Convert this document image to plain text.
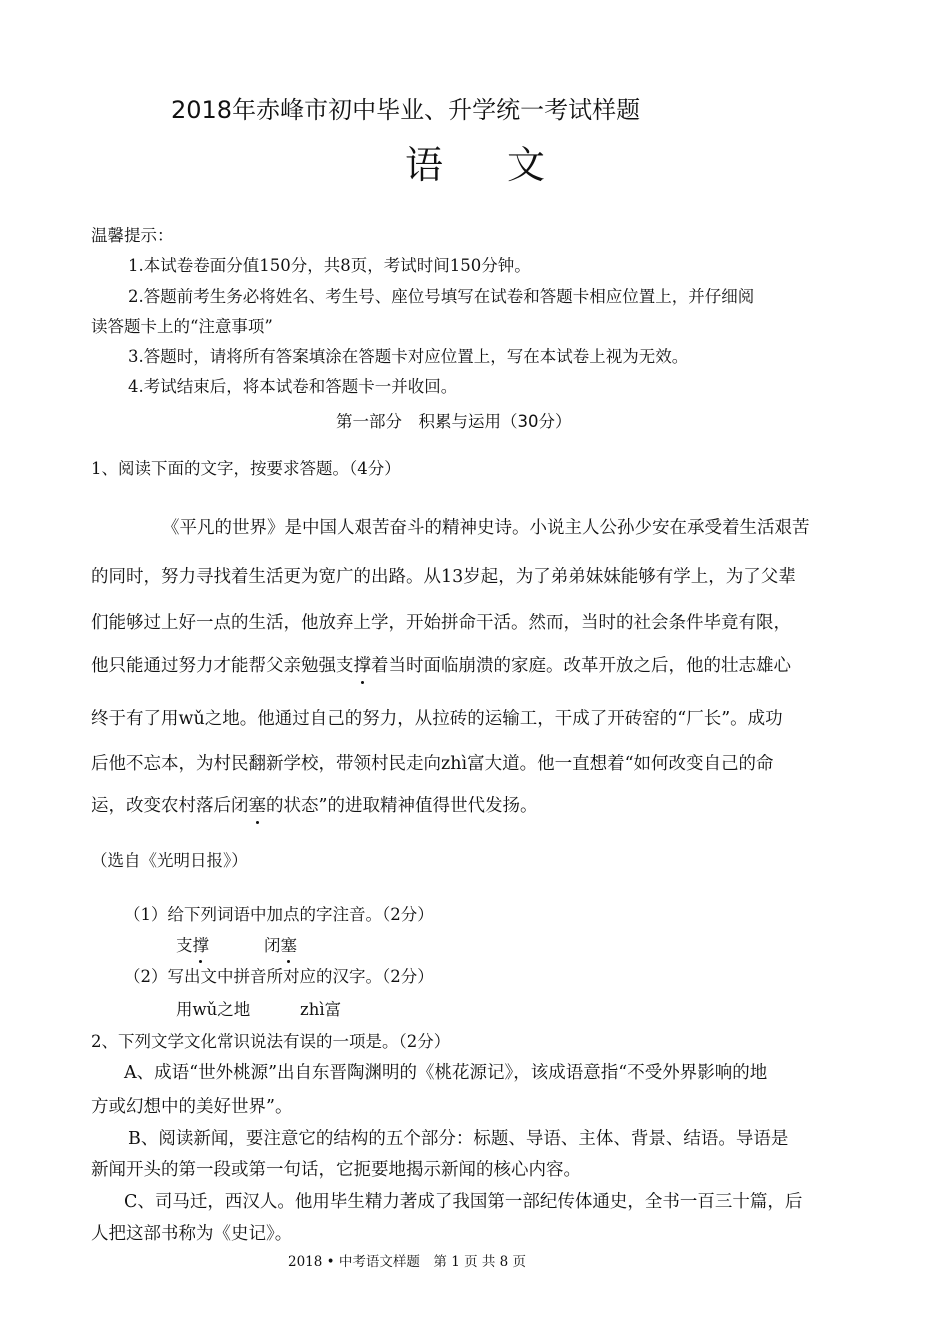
2018年赤峰市初中毕业、升学统一考试样题
语 文
温馨提示：
1.本试卷卷面分值150分，共8页，考试时间150分钟。
2.答题前考生务必将姓名、考生号、座位号填写在试卷和答题卡相应位置上，并仔细阅
读答题卡上的“注意事项”
3.答题时，请将所有答案填涂在答题卡对应位置上，写在本试卷上视为无效。
4.考试结束后，将本试卷和答题卡一并收回。
第一部分　积累与运用（30分）
1、阅读下面的文字，按要求答题。（4分）
《平凡的世界》是中国人艰苦奋斗的精神史诗。小说主人公孙少安在承受着生活艰苦
的同时，努力寻找着生活更为宽广的出路。从13岁起，为了弟弟妹妹能够有学上，为了父辈
们能够过上好一点的生活，他放弃上学，开始拼命干活。然而，当时的社会条件毕竟有限，
他只能通过努力才能帮父亲勉强支撑着当时面临崩溃的家庭。改革开放之后，他的壮志雄心
终于有了用wǔ之地。他通过自己的努力，从拉砖的运输工，干成了开砖窑的“厂长”。成功
后他不忘本，为村民翻新学校，带领村民走向zhì富大道。他一直想着“如何改变自己的命
运，改变农村落后闭塞的状态”的进取精神值得世代发扬。
（选自《光明日报》）
（1）给下列词语中加点的字注音。（2分）
支撑	闭塞
（2）写出文中拼音所对应的汉字。（2分）
用wǔ之地	zhì富
2、下列文学文化常识说法有误的一项是。（2分）
A、成语“世外桃源”出自东晋陶渊明的《桃花源记》，该成语意指“不受外界影响的地
方或幻想中的美好世界”。
B、阅读新闻，要注意它的结构的五个部分：标题、导语、主体、背景、结语。导语是
新闻开头的第一段或第一句话，它扼要地揭示新闻的核心内容。
C、司马迁，西汉人。他用毕生精力著成了我国第一部纪传体通史，全书一百三十篇，后
人把这部书称为《史记》。
2018 • 中考语文样题　第 1 页 共 8 页
